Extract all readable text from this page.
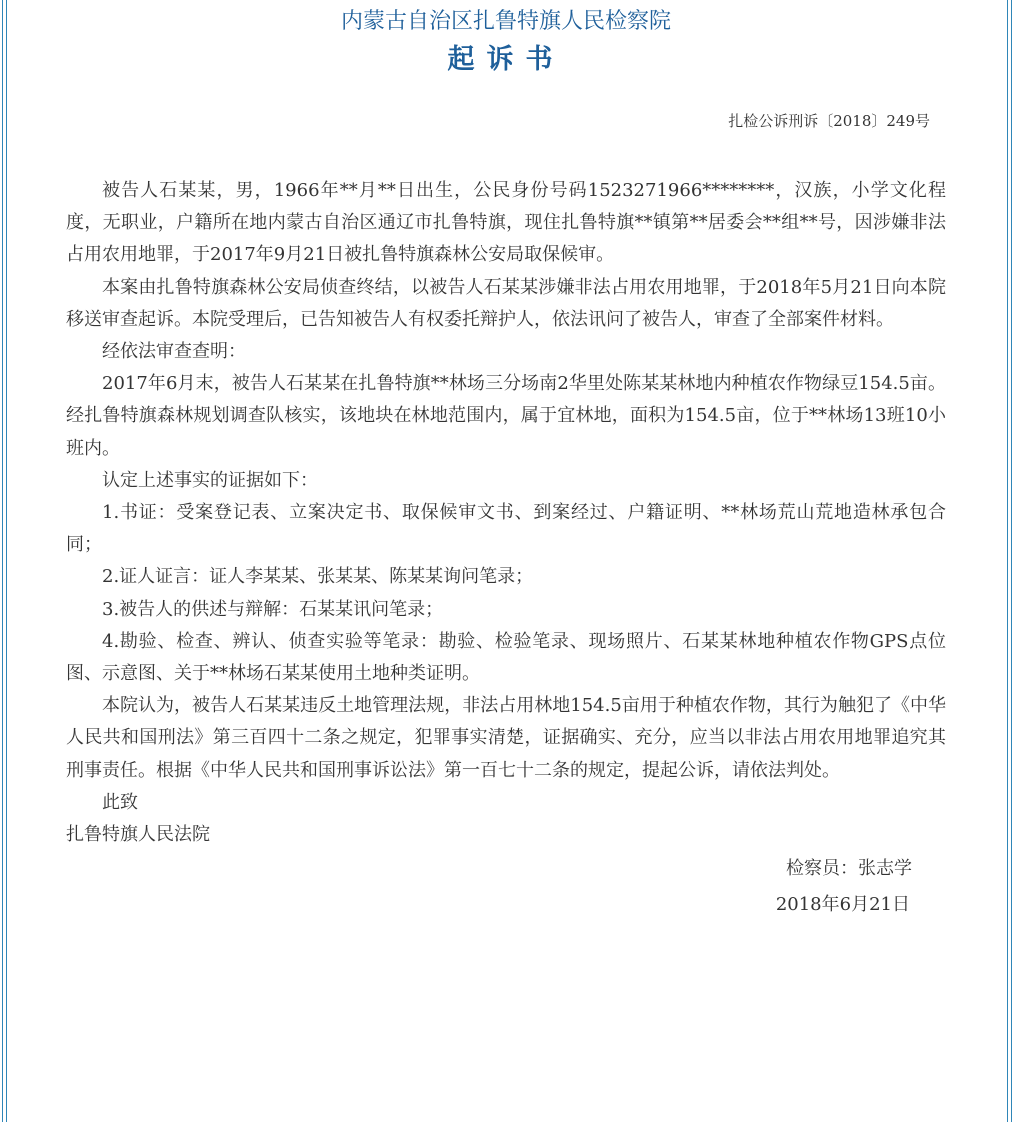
内蒙古自治区扎鲁特旗人民检察院
起诉书
扎检公诉刑诉〔2018〕249号

被告人石某某，男，1966年**月**日出生，公民身份号码1523271966********，汉族，小学文化程度，无职业，户籍所在地内蒙古自治区通辽市扎鲁特旗，现住扎鲁特旗**镇第**居委会**组**号，因涉嫌非法占用农用地罪，于2017年9月21日被扎鲁特旗森林公安局取保候审。

本案由扎鲁特旗森林公安局侦查终结，以被告人石某某涉嫌非法占用农用地罪，于2018年5月21日向本院移送审查起诉。本院受理后，已告知被告人有权委托辩护人，依法讯问了被告人，审查了全部案件材料。

经依法审查查明：

2017年6月末，被告人石某某在扎鲁特旗**林场三分场南2华里处陈某某林地内种植农作物绿豆154.5亩。经扎鲁特旗森林规划调查队核实，该地块在林地范围内，属于宜林地，面积为154.5亩，位于**林场13班10小班内。

认定上述事实的证据如下：

1.书证：受案登记表、立案决定书、取保候审文书、到案经过、户籍证明、**林场荒山荒地造林承包合同；

2.证人证言：证人李某某、张某某、陈某某询问笔录；

3.被告人的供述与辩解：石某某讯问笔录；

4.勘验、检查、辨认、侦查实验等笔录：勘验、检验笔录、现场照片、石某某林地种植农作物GPS点位图、示意图、关于**林场石某某使用土地种类证明。

本院认为，被告人石某某违反土地管理法规，非法占用林地154.5亩用于种植农作物，其行为触犯了《中华人民共和国刑法》第三百四十二条之规定，犯罪事实清楚，证据确实、充分，应当以非法占用农用地罪追究其刑事责任。根据《中华人民共和国刑事诉讼法》第一百七十二条的规定，提起公诉，请依法判处。

此致

扎鲁特旗人民法院

检察员：张志学
2018年6月21日
